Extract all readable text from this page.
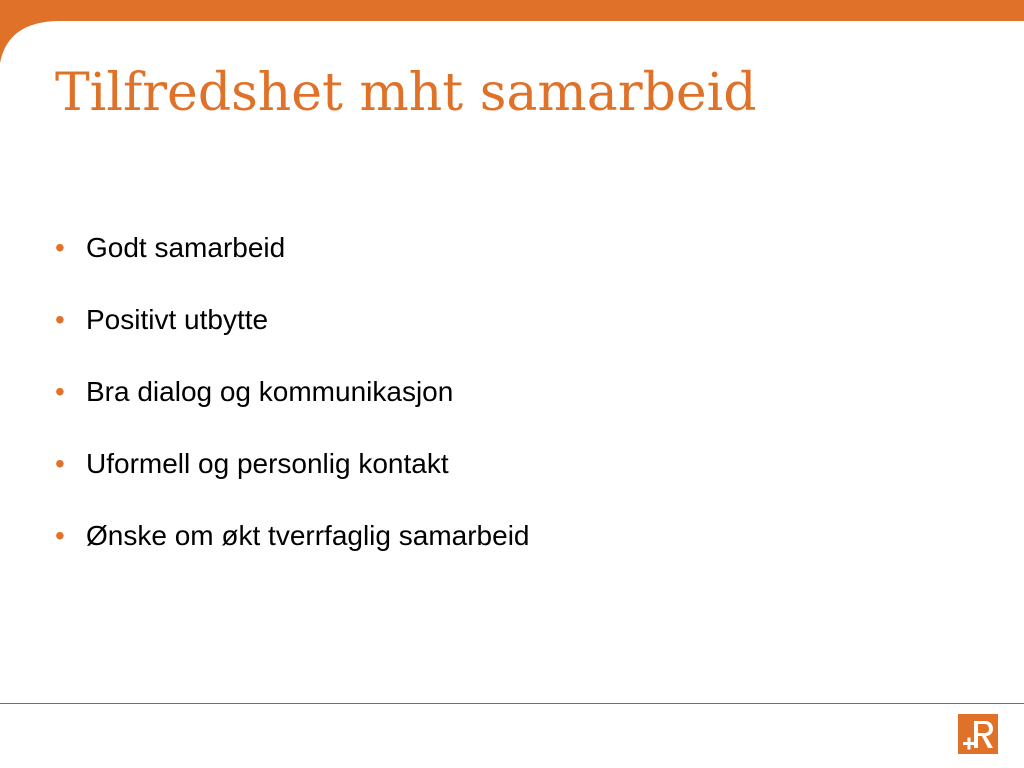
Tilfredshet mht samarbeid
• Godt samarbeid
• Positivt utbytte
• Bra dialog og kommunikasjon
• Uformell og personlig kontakt
• Ønske om økt tverrfaglig samarbeid
